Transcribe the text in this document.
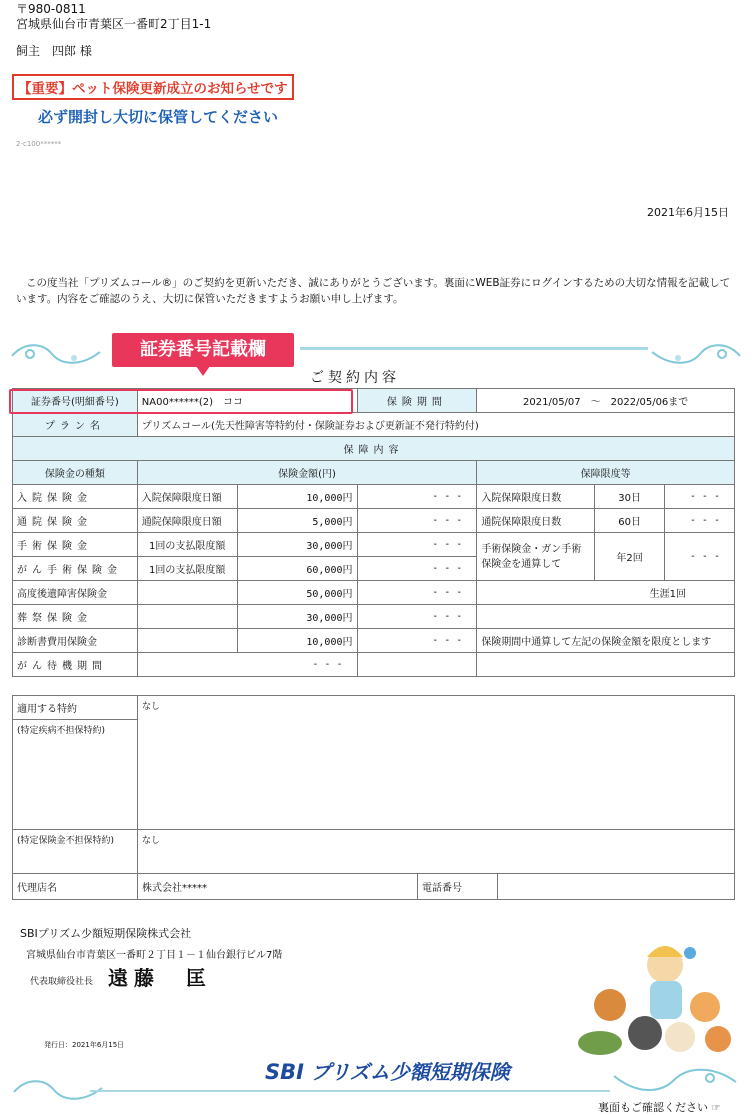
〒980-0811
宮城県仙台市青葉区一番町2丁目1-1
飼主　四郎 様
【重要】ペット保険更新成立のお知らせです
必ず開封し大切に保管してください
2-c100******
2021年6月15日
この度当社「プリズムコール®」のご契約を更新いただき、誠にありがとうございます。裏面にWEB証券にログインするための大切な情報を記載しています。内容をご確認のうえ、大切に保管いただきますようお願い申し上げます。
証券番号記載欄
ご契約内容
証券番号(明細番号)	NA00******(2)　ココ		保険期間	2021/05/07　～　2022/05/06まで		
プラン名	プリズムコール(先天性障害等特約付・保険証券および更新証不発行特約付)					
保障内容						
保険金の種類	保険金額(円)			保障限度等		
入院保険金	入院保障限度日額	10,000円	- - -	入院保障限度日数	30日	- - -
通院保険金	通院保障限度日額	5,000円	- - -	通院保障限度日数	60日	- - -
手術保険金	1回の支払限度額	30,000円	- - -	手術保険金・ガン手術保険金を通算して	年2回	- - -
がん手術保険金	1回の支払限度額	60,000円	- - -			
高度後遺障害保険金		50,000円	- - -	生涯1回		
葬祭保険金		30,000円	- - -			
診断書費用保険金		10,000円	- - -	保険期間中通算して左記の保険金額を限度とします		
がん待機期間	- - -					
適用する特約
(特定疾病不担保特約)	なし		
(特定保険金不担保特約)	なし		
代理店名	株式会社*****	電話番号	
SBIプリズム少額短期保険株式会社
宮城県仙台市青葉区一番町２丁目１－１仙台銀行ビル7階
代表取締役社長 遠藤　匡
発行日：2021年6月15日
SBI プリズム少額短期保険
裏面もご確認ください ☞
